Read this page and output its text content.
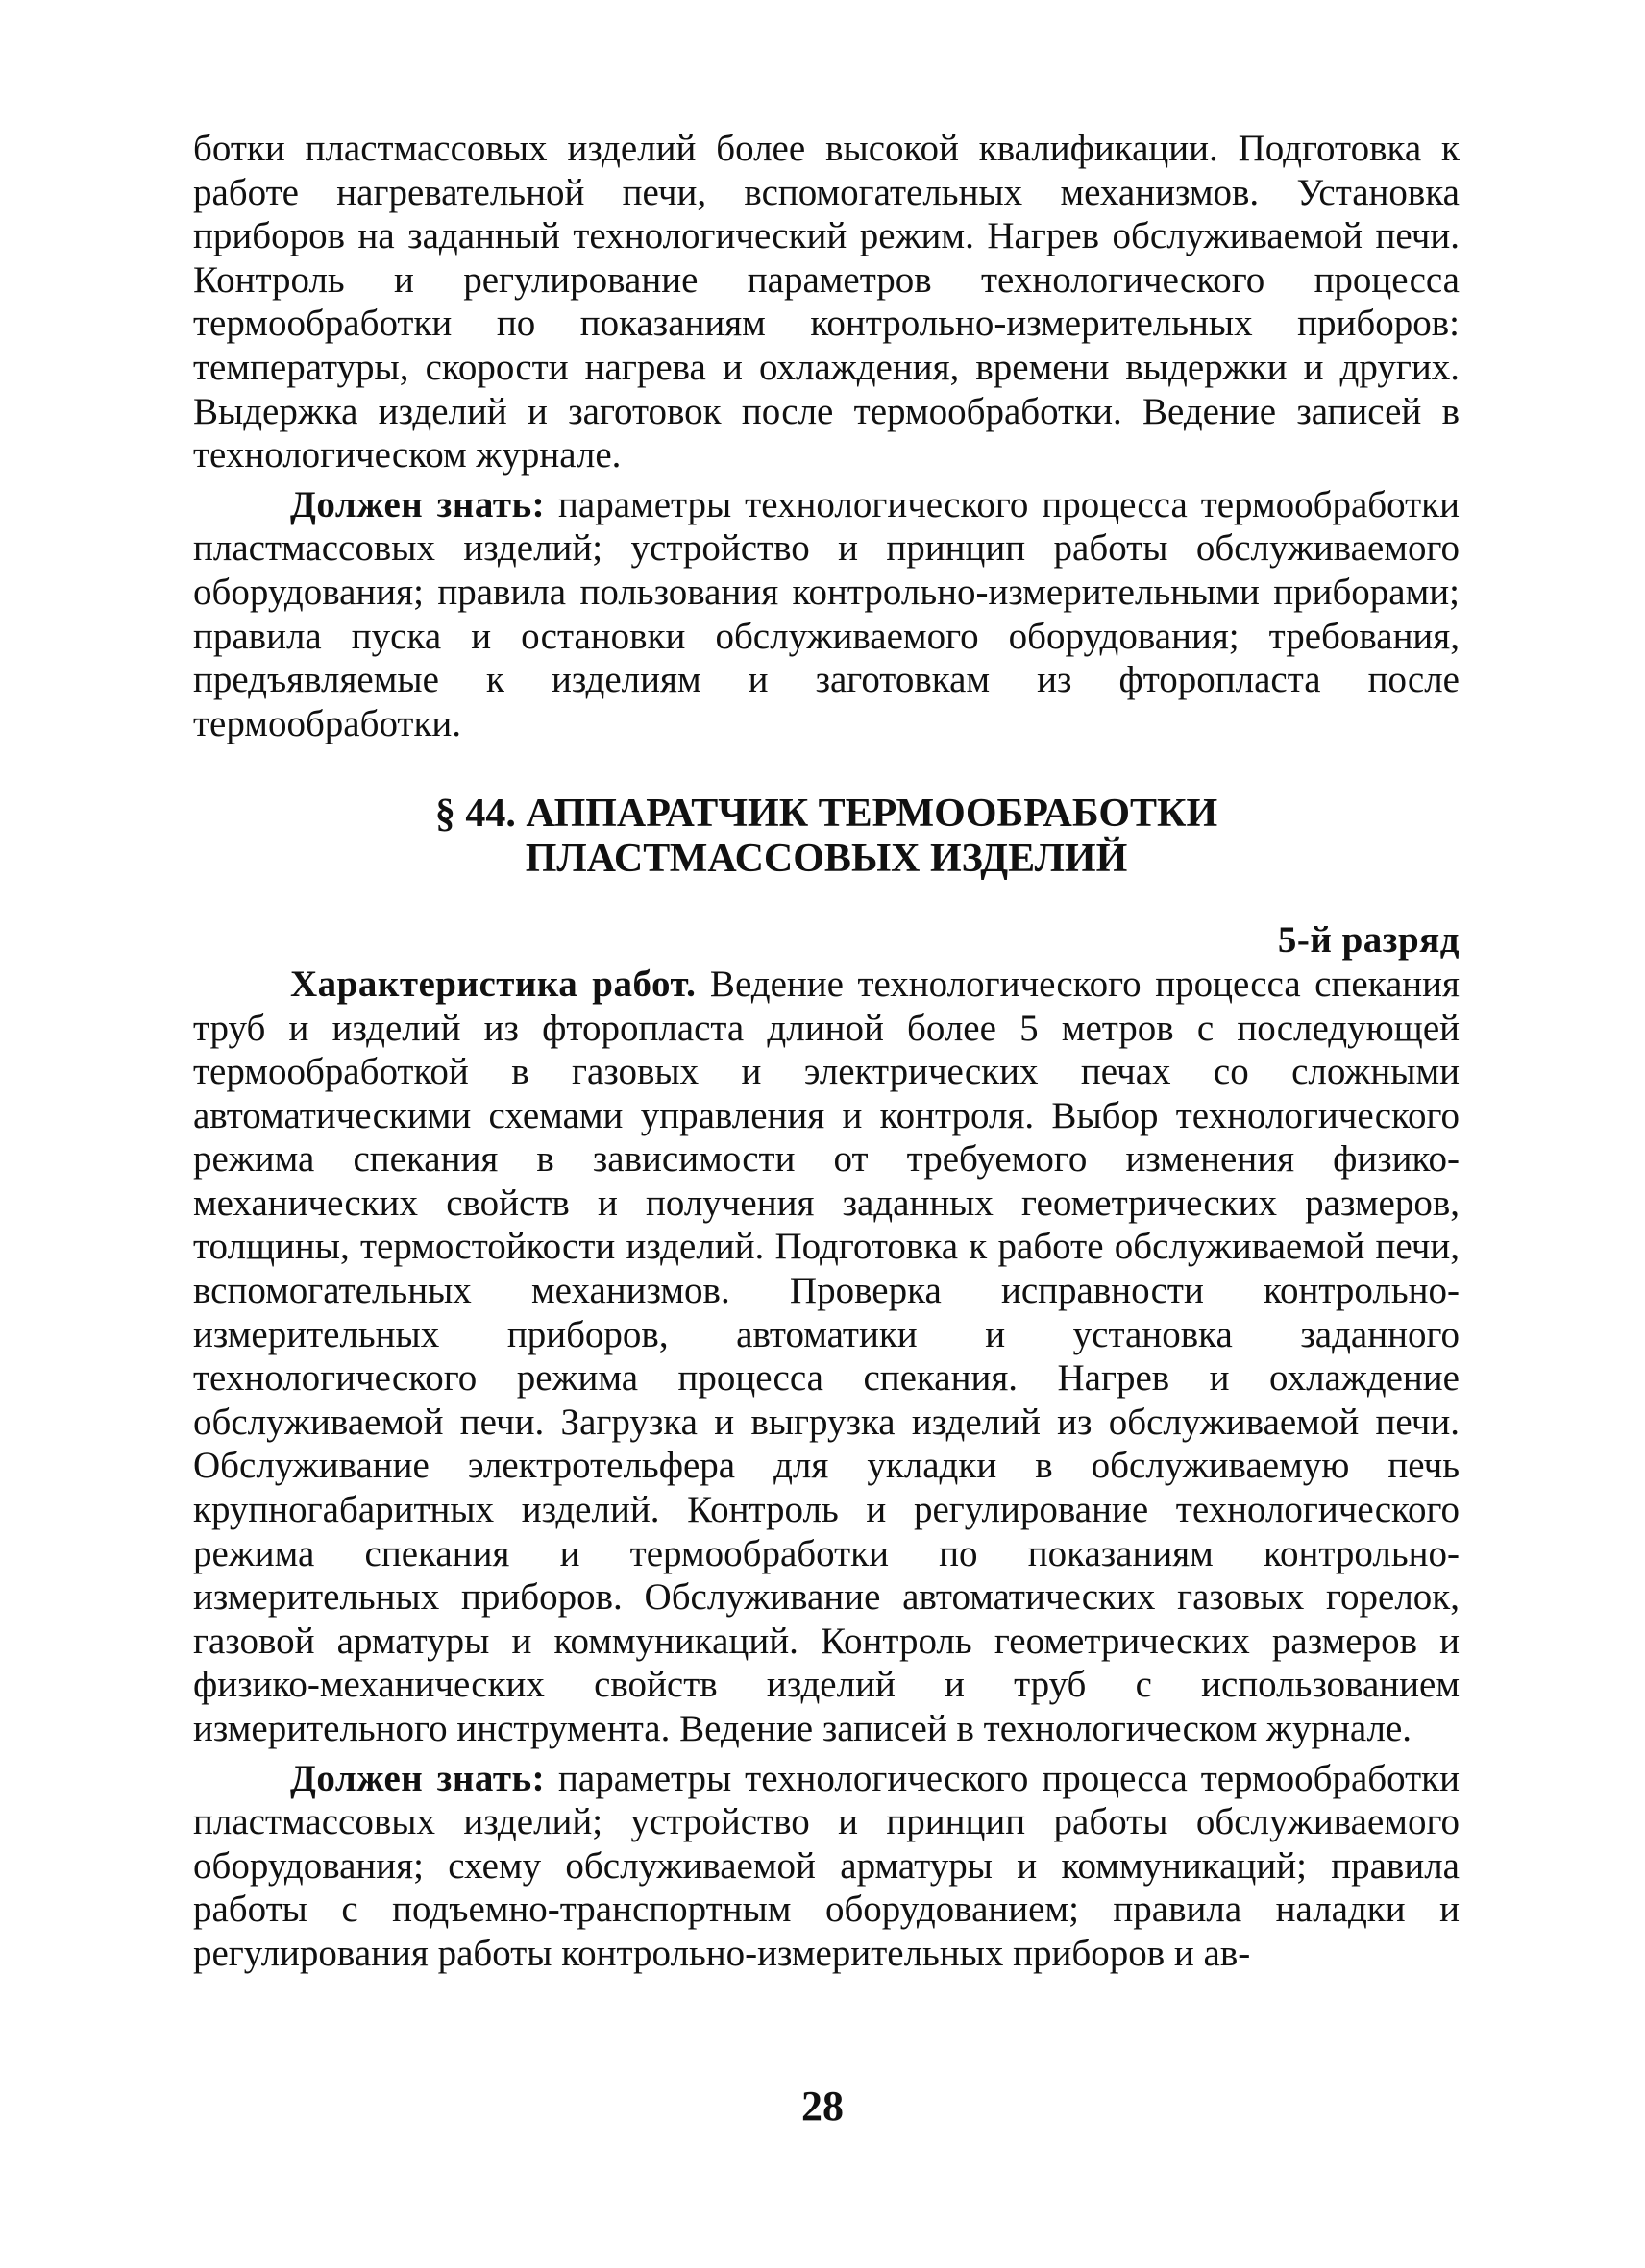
ботки пластмассовых изделий более высокой квалификации. Подготовка к работе нагревательной печи, вспомогательных механизмов. Установка приборов на заданный технологический режим. Нагрев обслуживаемой печи. Контроль и регулирование параметров технологического процесса термообработки по показаниям контрольно-измерительных приборов: температуры, скорости нагрева и охлаждения, времени выдержки и других. Выдержка изделий и заготовок после термообработки. Ведение записей в технологическом журнале.

Должен знать: параметры технологического процесса термообработки пластмассовых изделий; устройство и принцип работы обслуживаемого оборудования; правила пользования контрольно-измерительными приборами; правила пуска и остановки обслуживаемого оборудования; требования, предъявляемые к изделиям и заготовкам из фторопласта после термообработки.

§ 44. АППАРАТЧИК ТЕРМООБРАБОТКИ
ПЛАСТМАССОВЫХ ИЗДЕЛИЙ

5-й разряд

Характеристика работ. Ведение технологического процесса спекания труб и изделий из фторопласта длиной более 5 метров с последующей термообработкой в газовых и электрических печах со сложными автоматическими схемами управления и контроля. Выбор технологического режима спекания в зависимости от требуемого изменения физико-механических свойств и получения заданных геометрических размеров, толщины, термостойкости изделий. Подготовка к работе обслуживаемой печи, вспомогательных механизмов. Проверка исправности контрольно-измерительных приборов, автоматики и установка заданного технологического режима процесса спекания. Нагрев и охлаждение обслуживаемой печи. Загрузка и выгрузка изделий из обслуживаемой печи. Обслуживание электротельфера для укладки в обслуживаемую печь крупногабаритных изделий. Контроль и регулирование технологического режима спекания и термообработки по показаниям контрольно-измерительных приборов. Обслуживание автоматических газовых горелок, газовой арматуры и коммуникаций. Контроль геометрических размеров и физико-механических свойств изделий и труб с использованием измерительного инструмента. Ведение записей в технологическом журнале.

Должен знать: параметры технологического процесса термообработки пластмассовых изделий; устройство и принцип работы обслуживаемого оборудования; схему обслуживаемой арматуры и коммуникаций; правила работы с подъемно-транспортным оборудованием; правила наладки и регулирования работы контрольно-измерительных приборов и ав-

28
